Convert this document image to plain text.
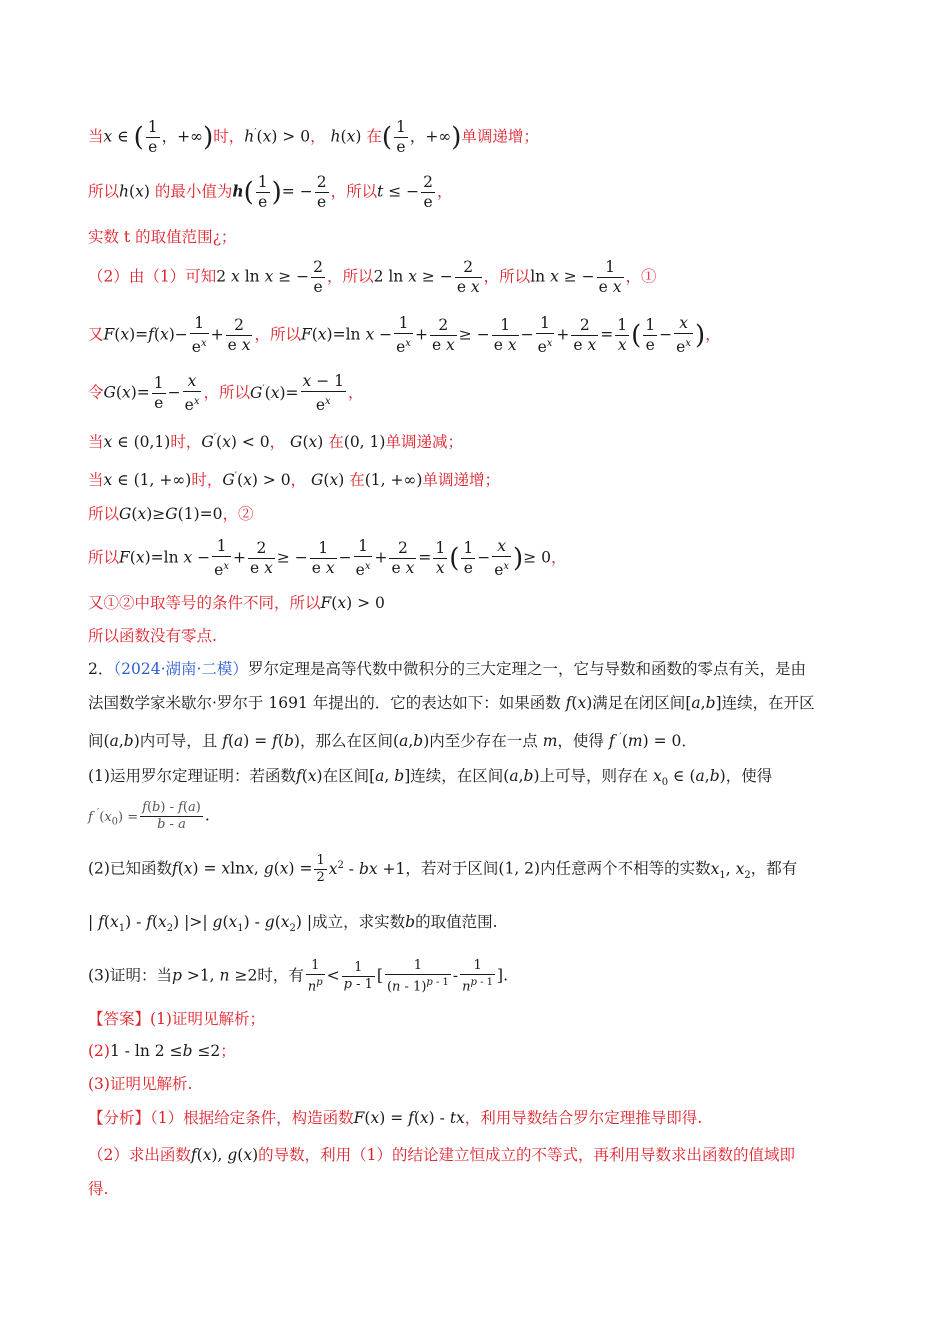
当x ∈ ( $\frac{1}{e}$ ，+∞)时，h′(x) > 0， h(x) 在( $\frac{1}{e}$ ，+∞)单调递增；
所以h(x) 的最小值为$h( \frac{1}{e}$ )= − $\frac{2}{e}$ ，所以t ≤ − $\frac{2}{e}$ ，
实数 t 的取值范围¿；
（2）由（1）可知2 x ln x ≥ − $\frac{2}{e}$ ，所以2 ln x ≥ − $\frac{2}{\text{e x}}$ ，所以ln x ≥ − $\frac{1}{\text{e x}}$ ，①
又$F(x)=f(x)- \frac{1}{e^x} + \frac{2}{\text{e x}}$ ，所以F(x)=ln $x - \frac{1}{e^x} + \frac{2}{\text{e x}}$ ≥ − $\frac{1}{\text{e x}} - \frac{1}{e^x} + \frac{2}{\text{e x}} = \frac{1}{x}$ ( $\frac{1}{e} - \frac{x}{e^x}$ )，
令$G(x)= \frac{1}{e} - \frac{x}{e^x}$ ，所以$G'(x)= \frac{x - 1}{e^x}$ ，
当x ∈ (0,1)时，G′(x) < 0， G(x) 在(0, 1)单调递减；
当x ∈ (1, +∞)时，G′(x) > 0， G(x) 在(1, +∞)单调递增；
所以G(x)≥G(1)=0，②
所以F(x)=ln $x - \frac{1}{e^x} + \frac{2}{\text{e x}}$ ≥ − $\frac{1}{\text{e x}} - \frac{1}{e^x} + \frac{2}{\text{e x}} = \frac{1}{x}$ ( $\frac{1}{e} - \frac{x}{e^x}$ )≥ 0，
又①②中取等号的条件不同，所以F(x) > 0
所以函数没有零点.
2．（2024·湖南·二模）罗尔定理是高等代数中微积分的三大定理之一，它与导数和函数的零点有关，是由
法国数学家米歇尔·罗尔于 1691 年提出的．它的表达如下：如果函数 f(x)满足在闭区间[a,b]连续，在开区
间(a,b)内可导，且 f(a) = f(b)，那么在区间(a,b)内至少存在一点 m，使得 f ′(m) = 0．
(1)运用罗尔定理证明：若函数f(x)在区间[a, b]连续，在区间(a,b)上可导，则存在 $x_0$ ∈ (a,b)，使得
f $'(x_0) = \frac{f(b) - f(a)}{b - a}$ .
(2)已知函数f(x) = xlnx, $g(x) = \frac{1}{2} x^2$ - bx +1，若对于区间(1, 2)内任意两个不相等的实数$x_1$, $x_2$，都有
| $f(x_1) - f(x_2)$ |>| $g(x_1) - g(x_2)$ |成立，求实数b的取值范围.
(3)证明：当p >1, n ≥2时，有 $\frac{1}{n^p} < \frac{1}{p - 1}$ [ $\frac{1}{(n - 1)^{p - 1}} - \frac{1}{n^{p - 1}}$ ].
【答案】(1)证明见解析；
(2)1 - ln 2 ≤b ≤2；
(3)证明见解析.
【分析】（1）根据给定条件，构造函数F(x) = f(x) - tx，利用导数结合罗尔定理推导即得.
（2）求出函数f(x), g(x)的导数，利用（1）的结论建立恒成立的不等式，再利用导数求出函数的值域即
得.
